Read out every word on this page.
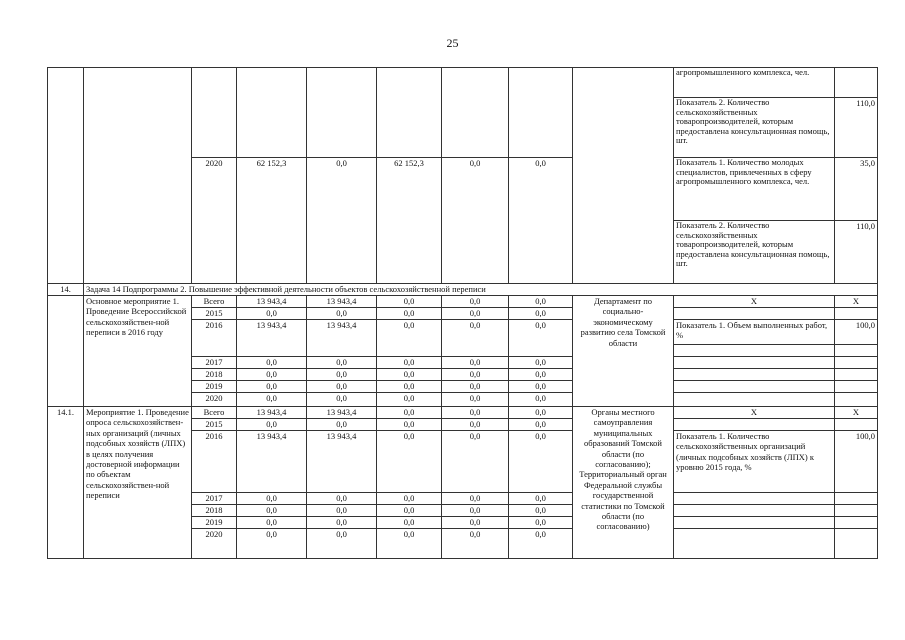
25
									агропромышленного комплекса, чел.	
									Показатель 2. Количество сельскохозяйственных товаропроизводителей, которым предоставлена консультационная помощь, шт.	110,0
		2020	62 152,3	0,0	62 152,3	0,0	0,0		Показатель 1. Количество молодых специалистов, привлеченных в сферу агропромышленного комплекса, чел.	35,0
									Показатель 2. Количество сельскохозяйственных товаропроизводителей, которым предоставлена консультационная помощь, шт.	110,0
14.	Задача 14 Подпрограммы 2. Повышение эффективной деятельности объектов сельскохозяйственной переписи									
	Основное мероприятие 1. Проведение Всероссийской сельскохозяйствен-ной переписи в 2016 году	Всего	13 943,4	13 943,4	0,0	0,0	0,0	Департамент по социально-экономическому развитию села Томской области	X	X
		2015	0,0	0,0	0,0	0,0	0,0			
		2016	13 943,4	13 943,4	0,0	0,0	0,0		Показатель 1. Объем выполненных работ, %	100,0

		2017	0,0	0,0	0,0	0,0	0,0			
		2018	0,0	0,0	0,0	0,0	0,0			
		2019	0,0	0,0	0,0	0,0	0,0			
		2020	0,0	0,0	0,0	0,0	0,0			
14.1.	Мероприятие 1. Проведение опроса сельскохозяйствен-ных организаций (личных подсобных хозяйств (ЛПХ) в целях получения достоверной информации по объектам сельскохозяйствен-ной переписи	Всего	13 943,4	13 943,4	0,0	0,0	0,0	Органы местного самоуправления муниципальных образований Томской области (по согласованию); Территориальный орган Федеральной службы государственной статистики по Томской области (по согласованию)	X	X
		2015	0,0	0,0	0,0	0,0	0,0			
		2016	13 943,4	13 943,4	0,0	0,0	0,0		Показатель 1. Количество сельскохозяйственных организаций (личных подсобных хозяйств (ЛПХ) к уровню 2015 года, %	100,0
		2017	0,0	0,0	0,0	0,0	0,0			
		2018	0,0	0,0	0,0	0,0	0,0			
		2019	0,0	0,0	0,0	0,0	0,0			
		2020	0,0	0,0	0,0	0,0	0,0			
